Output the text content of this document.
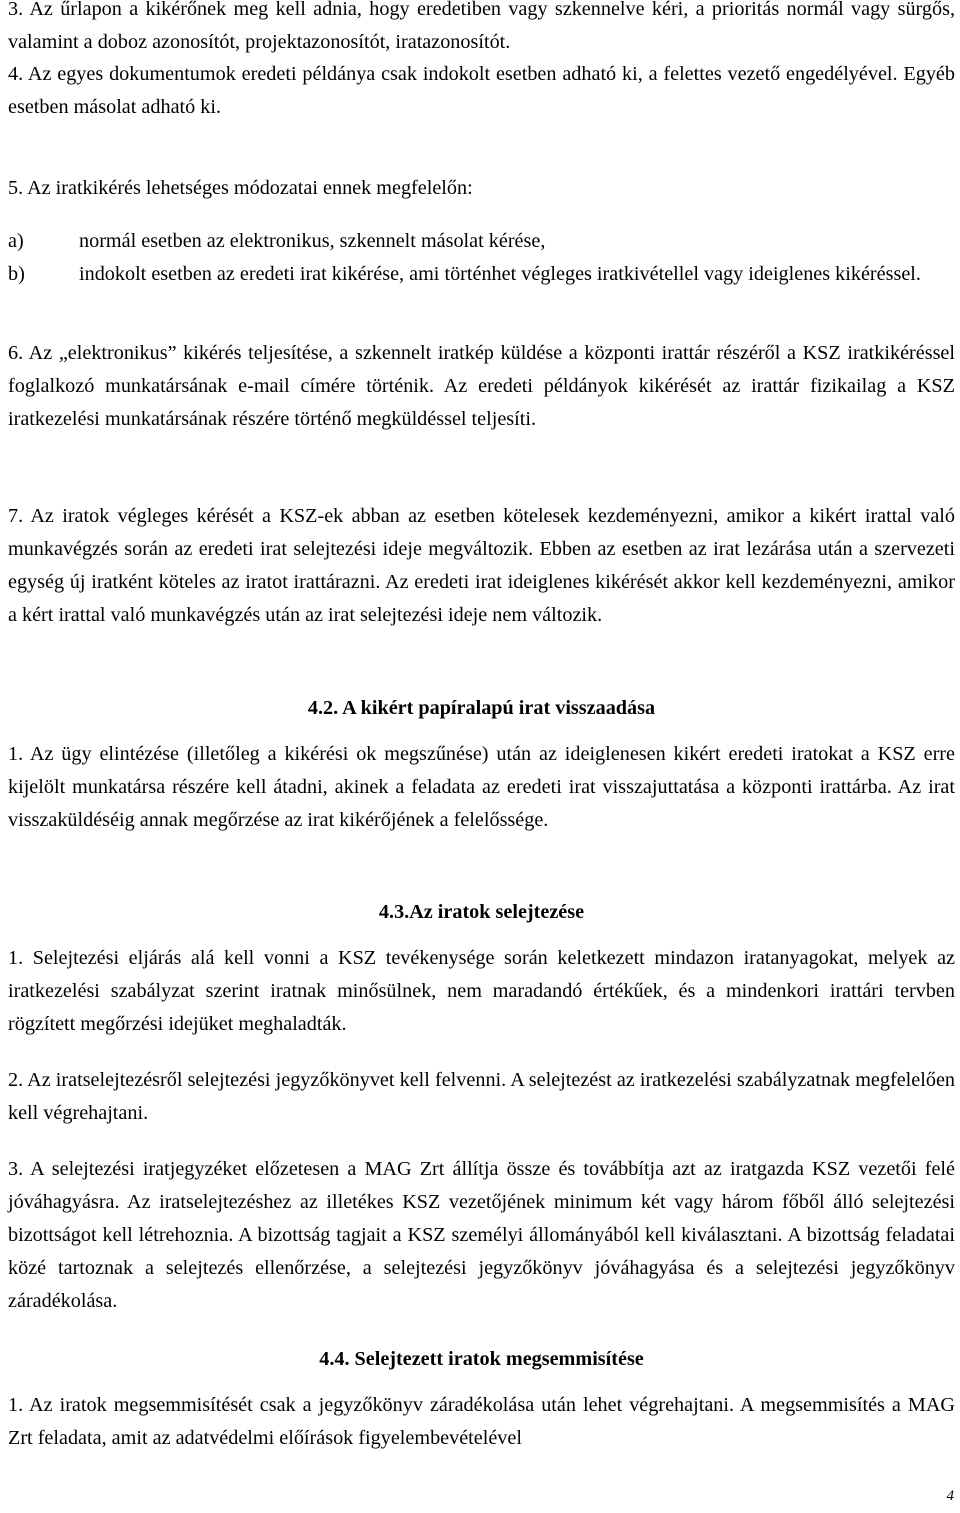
3. Az űrlapon a kikérőnek meg kell adnia, hogy eredetiben vagy szkennelve kéri, a prioritás normál vagy sürgős, valamint a doboz azonosítót, projektazonosítót, iratazonosítót.

4. Az egyes dokumentumok eredeti példánya csak indokolt esetben adható ki, a felettes vezető engedélyével. Egyéb esetben másolat adható ki.

5. Az iratkikérés lehetséges módozatai ennek megfelelőn:

a)	normál esetben az elektronikus, szkennelt másolat kérése,
b)	indokolt esetben az eredeti irat kikérése, ami történhet végleges iratkivétellel vagy ideiglenes kikéréssel.

6. Az „elektronikus” kikérés teljesítése, a szkennelt iratkép küldése a központi irattár részéről a KSZ iratkikéréssel foglalkozó munkatársának e-mail címére történik. Az eredeti példányok kikérését az irattár fizikailag a KSZ iratkezelési munkatársának részére történő megküldéssel teljesíti.

7. Az iratok végleges kérését a KSZ-ek abban az esetben kötelesek kezdeményezni, amikor a kikért irattal való munkavégzés során az eredeti irat selejtezési ideje megváltozik. Ebben az esetben az irat lezárása után a szervezeti egység új iratként köteles az iratot irattárazni. Az eredeti irat ideiglenes kikérését akkor kell kezdeményezni, amikor a kért irattal való munkavégzés után az irat selejtezési ideje nem változik.

4.2. A kikért papíralapú irat visszaadása

1. Az ügy elintézése (illetőleg a kikérési ok megszűnése) után az ideiglenesen kikért eredeti iratokat a KSZ erre kijelölt munkatársa részére kell átadni, akinek a feladata az eredeti irat visszajuttatása a központi irattárba. Az irat visszaküldéséig annak megőrzése az irat kikérőjének a felelőssége.

4.3.Az iratok selejtezése

1. Selejtezési eljárás alá kell vonni a KSZ tevékenysége során keletkezett mindazon iratanyagokat, melyek az iratkezelési szabályzat szerint iratnak minősülnek, nem maradandó értékűek, és a mindenkori irattári tervben rögzített megőrzési idejüket meghaladták.

2. Az iratselejtezésről selejtezési jegyzőkönyvet kell felvenni. A selejtezést az iratkezelési szabályzatnak megfelelően kell végrehajtani.

3. A selejtezési iratjegyzéket előzetesen a MAG Zrt állítja össze és továbbítja azt az iratgazda KSZ vezetői felé jóváhagyásra. Az iratselejtezéshez az illetékes KSZ vezetőjének minimum két vagy három főből álló selejtezési bizottságot kell létrehoznia. A bizottság tagjait a KSZ személyi állományából kell kiválasztani. A bizottság feladatai közé tartoznak a selejtezés ellenőrzése, a selejtezési jegyzőkönyv jóváhagyása és a selejtezési jegyzőkönyv záradékolása.

4.4. Selejtezett iratok megsemmisítése

1. Az iratok megsemmisítését csak a jegyzőkönyv záradékolása után lehet végrehajtani. A megsemmisítés a MAG Zrt feladata, amit az adatvédelmi előírások figyelembevételével

4
